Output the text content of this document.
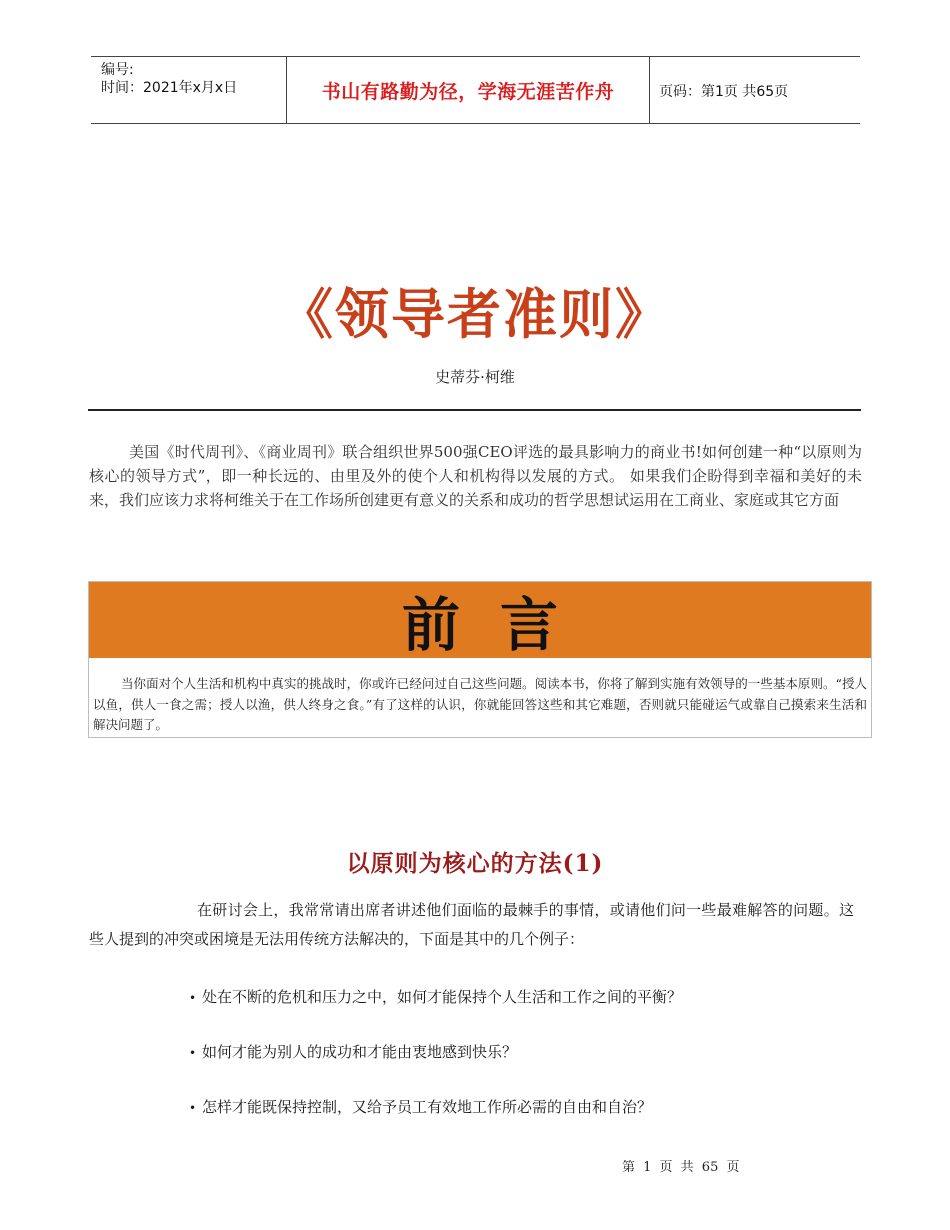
编号:
时间：2021年x月x日	书山有路勤为径，学海无涯苦作舟	页码：第1页 共65页
《领导者准则》
史蒂芬·柯维
美国《时代周刊》、《商业周刊》联合组织世界500强CEO评选的最具影响力的商业书!如何创建一种“以原则为核心的领导方式”，即一种长远的、由里及外的使个人和机构得以发展的方式。 如果我们企盼得到幸福和美好的未来，我们应该力求将柯维关于在工作场所创建更有意义的关系和成功的哲学思想试运用在工商业、家庭或其它方面
前言
当你面对个人生活和机构中真实的挑战时，你或许已经问过自己这些问题。阅读本书，你将了解到实施有效领导的一些基本原则。“授人以鱼，供人一食之需；授人以渔，供人终身之食。”有了这样的认识，你就能回答这些和其它难题，否则就只能碰运气或靠自己摸索来生活和解决问题了。
以原则为核心的方法(1)
在研讨会上，我常常请出席者讲述他们面临的最棘手的事情，或请他们问一些最难解答的问题。这些人提到的冲突或困境是无法用传统方法解决的，下面是其中的几个例子：
• 处在不断的危机和压力之中，如何才能保持个人生活和工作之间的平衡？
• 如何才能为别人的成功和才能由衷地感到快乐？
• 怎样才能既保持控制，又给予员工有效地工作所必需的自由和自治？
第 1 页 共 65 页
